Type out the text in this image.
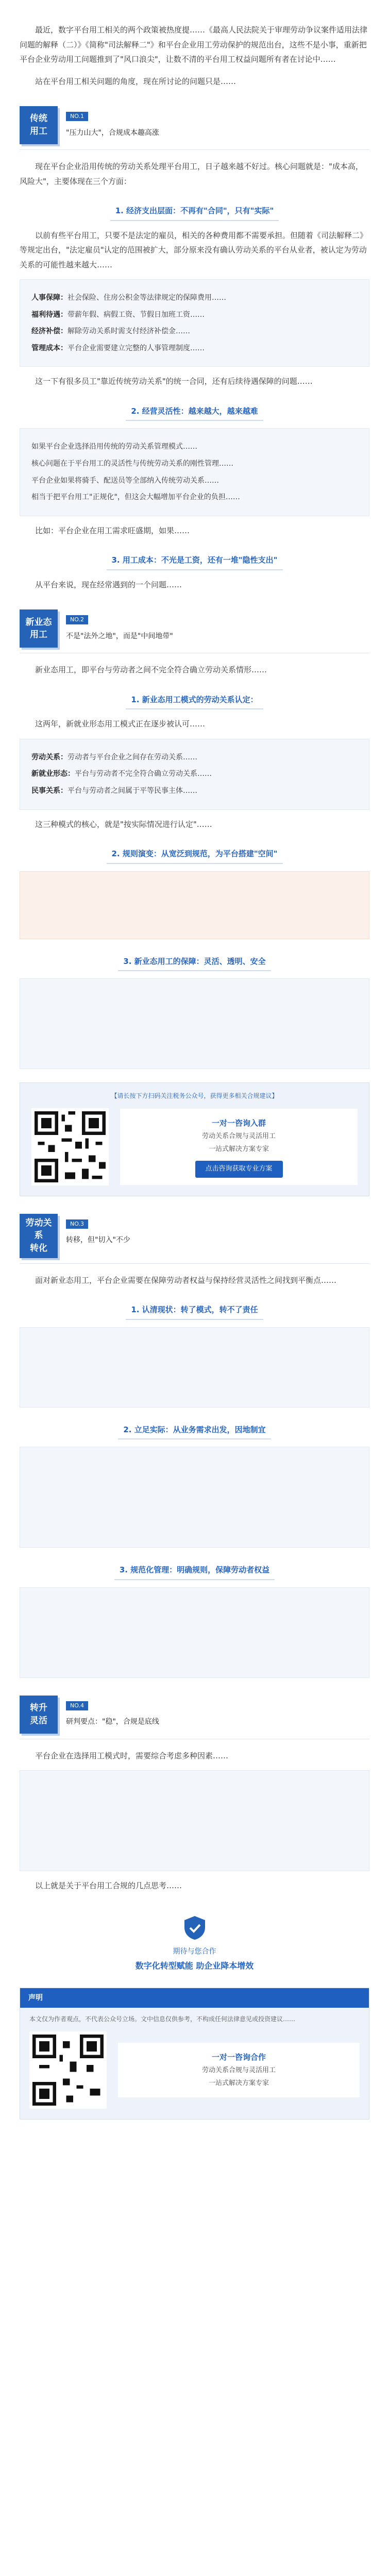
最近，数字平台用工相关的两个政策被热度提……《最高人民法院关于审理劳动争议案件适用法律问题的解释（二）》《简称"司法解释二"》和平台企业用工劳动保护的规范出台，这些不是小事，重新把平台企业劳动用工问题推到了"风口浪尖"，让数不清的平台用工权益问题所有者在讨论中……

站在平台用工相关问题的角度，现在所讨论的问题只是……

传统
用工
NO.1
"压力山大"，合规成本趣高涨

现在平台企业沿用传统的劳动关系处理平台用工，日子越来越不好过。核心问题就是："成本高，风险大"，主要体现在三个方面：

1. 经济支出层面：不再有"合同"，只有"实际"

以前有些平台用工，只要不是法定的雇员，相关的各种费用都不需要承担。但随着《司法解释二》等规定出台，"法定雇员"认定的范围被扩大，部分原来没有确认劳动关系的平台从业者，被认定为劳动关系的可能性越来越大……

人事保障：社会保险、住房公积金等法律规定的保障费用……
福利待遇：带薪年假、病假工资、节假日加班工资……
经济补偿：解除劳动关系时需支付经济补偿金……
管理成本：平台企业需要建立完整的人事管理制度……

这一下有很多员工"靠近传统劳动关系"的统一合同，还有后续待遇保障的问题……

2. 经营灵活性：越来越大，越来越难
如果平台企业选择沿用传统的劳动关系管理模式……
核心问题在于平台用工的灵活性与传统劳动关系的刚性管理……
平台企业如果将骑手、配送员等全部纳入传统劳动关系……
相当于把平台用工"正规化"，但这会大幅增加平台企业的负担……

比如：平台企业在用工需求旺盛期，如果……

3. 用工成本：不光是工资，还有一堆"隐性支出"

从平台来说，现在经常遇到的一个问题……

新业态
用工
NO.2
不是"法外之地"，而是"中间地带"

新业态用工，即平台与劳动者之间不完全符合确立劳动关系情形……

1. 新业态用工模式的劳动关系认定：

这两年，新就业形态用工模式正在逐步被认可……

劳动关系：劳动者与平台企业之间存在劳动关系……
新就业形态：平台与劳动者不完全符合确立劳动关系……
民事关系：平台与劳动者之间属于平等民事主体……

这三种模式的核心，就是"按实际情况进行认定"……

2. 规则演变：从宽泛到规范，为平台搭建"空间"
3. 新业态用工的保障：灵活、透明、安全
【请长按下方扫码关注税务公众号，获得更多相关合规建议】
一对一咨询入群
劳动关系合规与灵活用工
一站式解决方案专家
点击咨询获取专业方案
劳动关系
转化
NO.3
转移，但"切入"不少

面对新业态用工，平台企业需要在保障劳动者权益与保持经营灵活性之间找到平衡点……

1. 认清现状：转了模式，转不了责任
2. 立足实际：从业务需求出发，因地制宜
3. 规范化管理：明确规则，保障劳动者权益
转升
灵活
NO.4
研判要点："稳"，合规是底线

平台企业在选择用工模式时，需要综合考虑多种因素……

以上就是关于平台用工合规的几点思考……

期待与您合作
数字化转型赋能 助企业降本增效
声明
本文仅为作者观点，不代表公众号立场。文中信息仅供参考，不构成任何法律意见或投资建议……
一对一咨询合作
劳动关系合规与灵活用工
一站式解决方案专家
